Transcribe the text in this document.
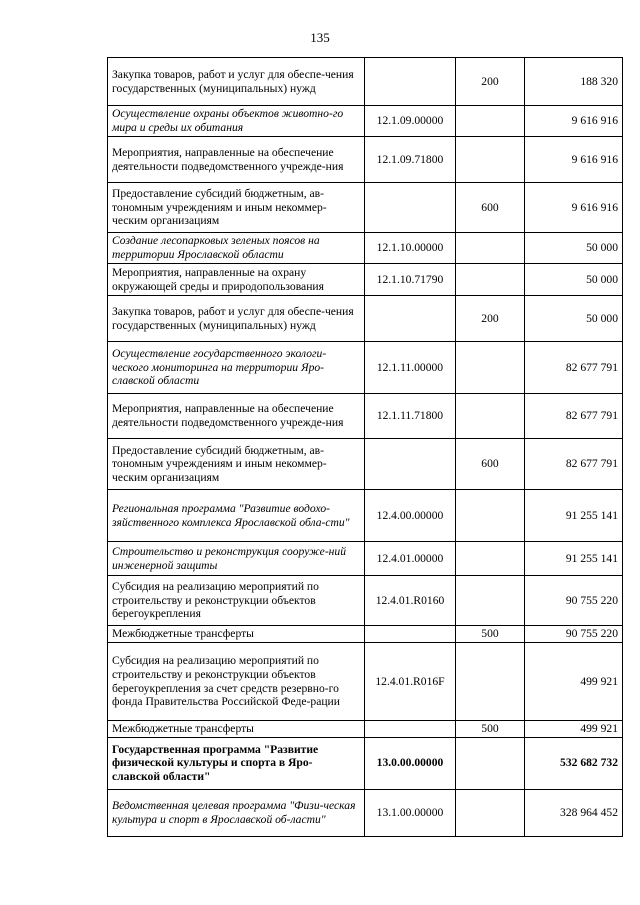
135
Закупка товаров, работ и услуг для обеспе-чения государственных (муниципальных) нужд		200	188 320

Осуществление охраны объектов животно-го мира и среды их обитания	12.1.09.00000		9 616 916

Мероприятия, направленные на обеспечение деятельности подведомственного учрежде-ния	12.1.09.71800		9 616 916

Предоставление субсидий бюджетным, ав-тономным учреждениям и иным некоммер-ческим организациям		600	9 616 916

Создание лесопарковых зеленых поясов на территории Ярославской области	12.1.10.00000		50 000

Мероприятия, направленные на охрану окружающей среды и природопользования	12.1.10.71790		50 000

Закупка товаров, работ и услуг для обеспе-чения государственных (муниципальных) нужд		200	50 000

Осуществление государственного экологи-ческого мониторинга на территории Яро-славской области	12.1.11.00000		82 677 791

Мероприятия, направленные на обеспечение деятельности подведомственного учрежде-ния	12.1.11.71800		82 677 791

Предоставление субсидий бюджетным, ав-тономным учреждениям и иным некоммер-ческим организациям		600	82 677 791

Региональная программа "Развитие водохо-зяйственного комплекса Ярославской обла-сти"	12.4.00.00000		91 255 141

Строительство и реконструкция сооруже-ний инженерной защиты	12.4.01.00000		91 255 141

Субсидия на реализацию мероприятий по строительству и реконструкции объектов берегоукрепления	12.4.01.R0160		90 755 220

Межбюджетные трансферты		500	90 755 220

Субсидия на реализацию мероприятий по строительству и реконструкции объектов берегоукрепления за счет средств резервно-го фонда Правительства Российской Феде-рации	12.4.01.R016F		499 921

Межбюджетные трансферты		500	499 921

Государственная программа "Развитие физической культуры и спорта в Яро-славской области"	13.0.00.00000		532 682 732

Ведомственная целевая программа "Физи-ческая культура и спорт в Ярославской об-ласти"	13.1.00.00000		328 964 452
